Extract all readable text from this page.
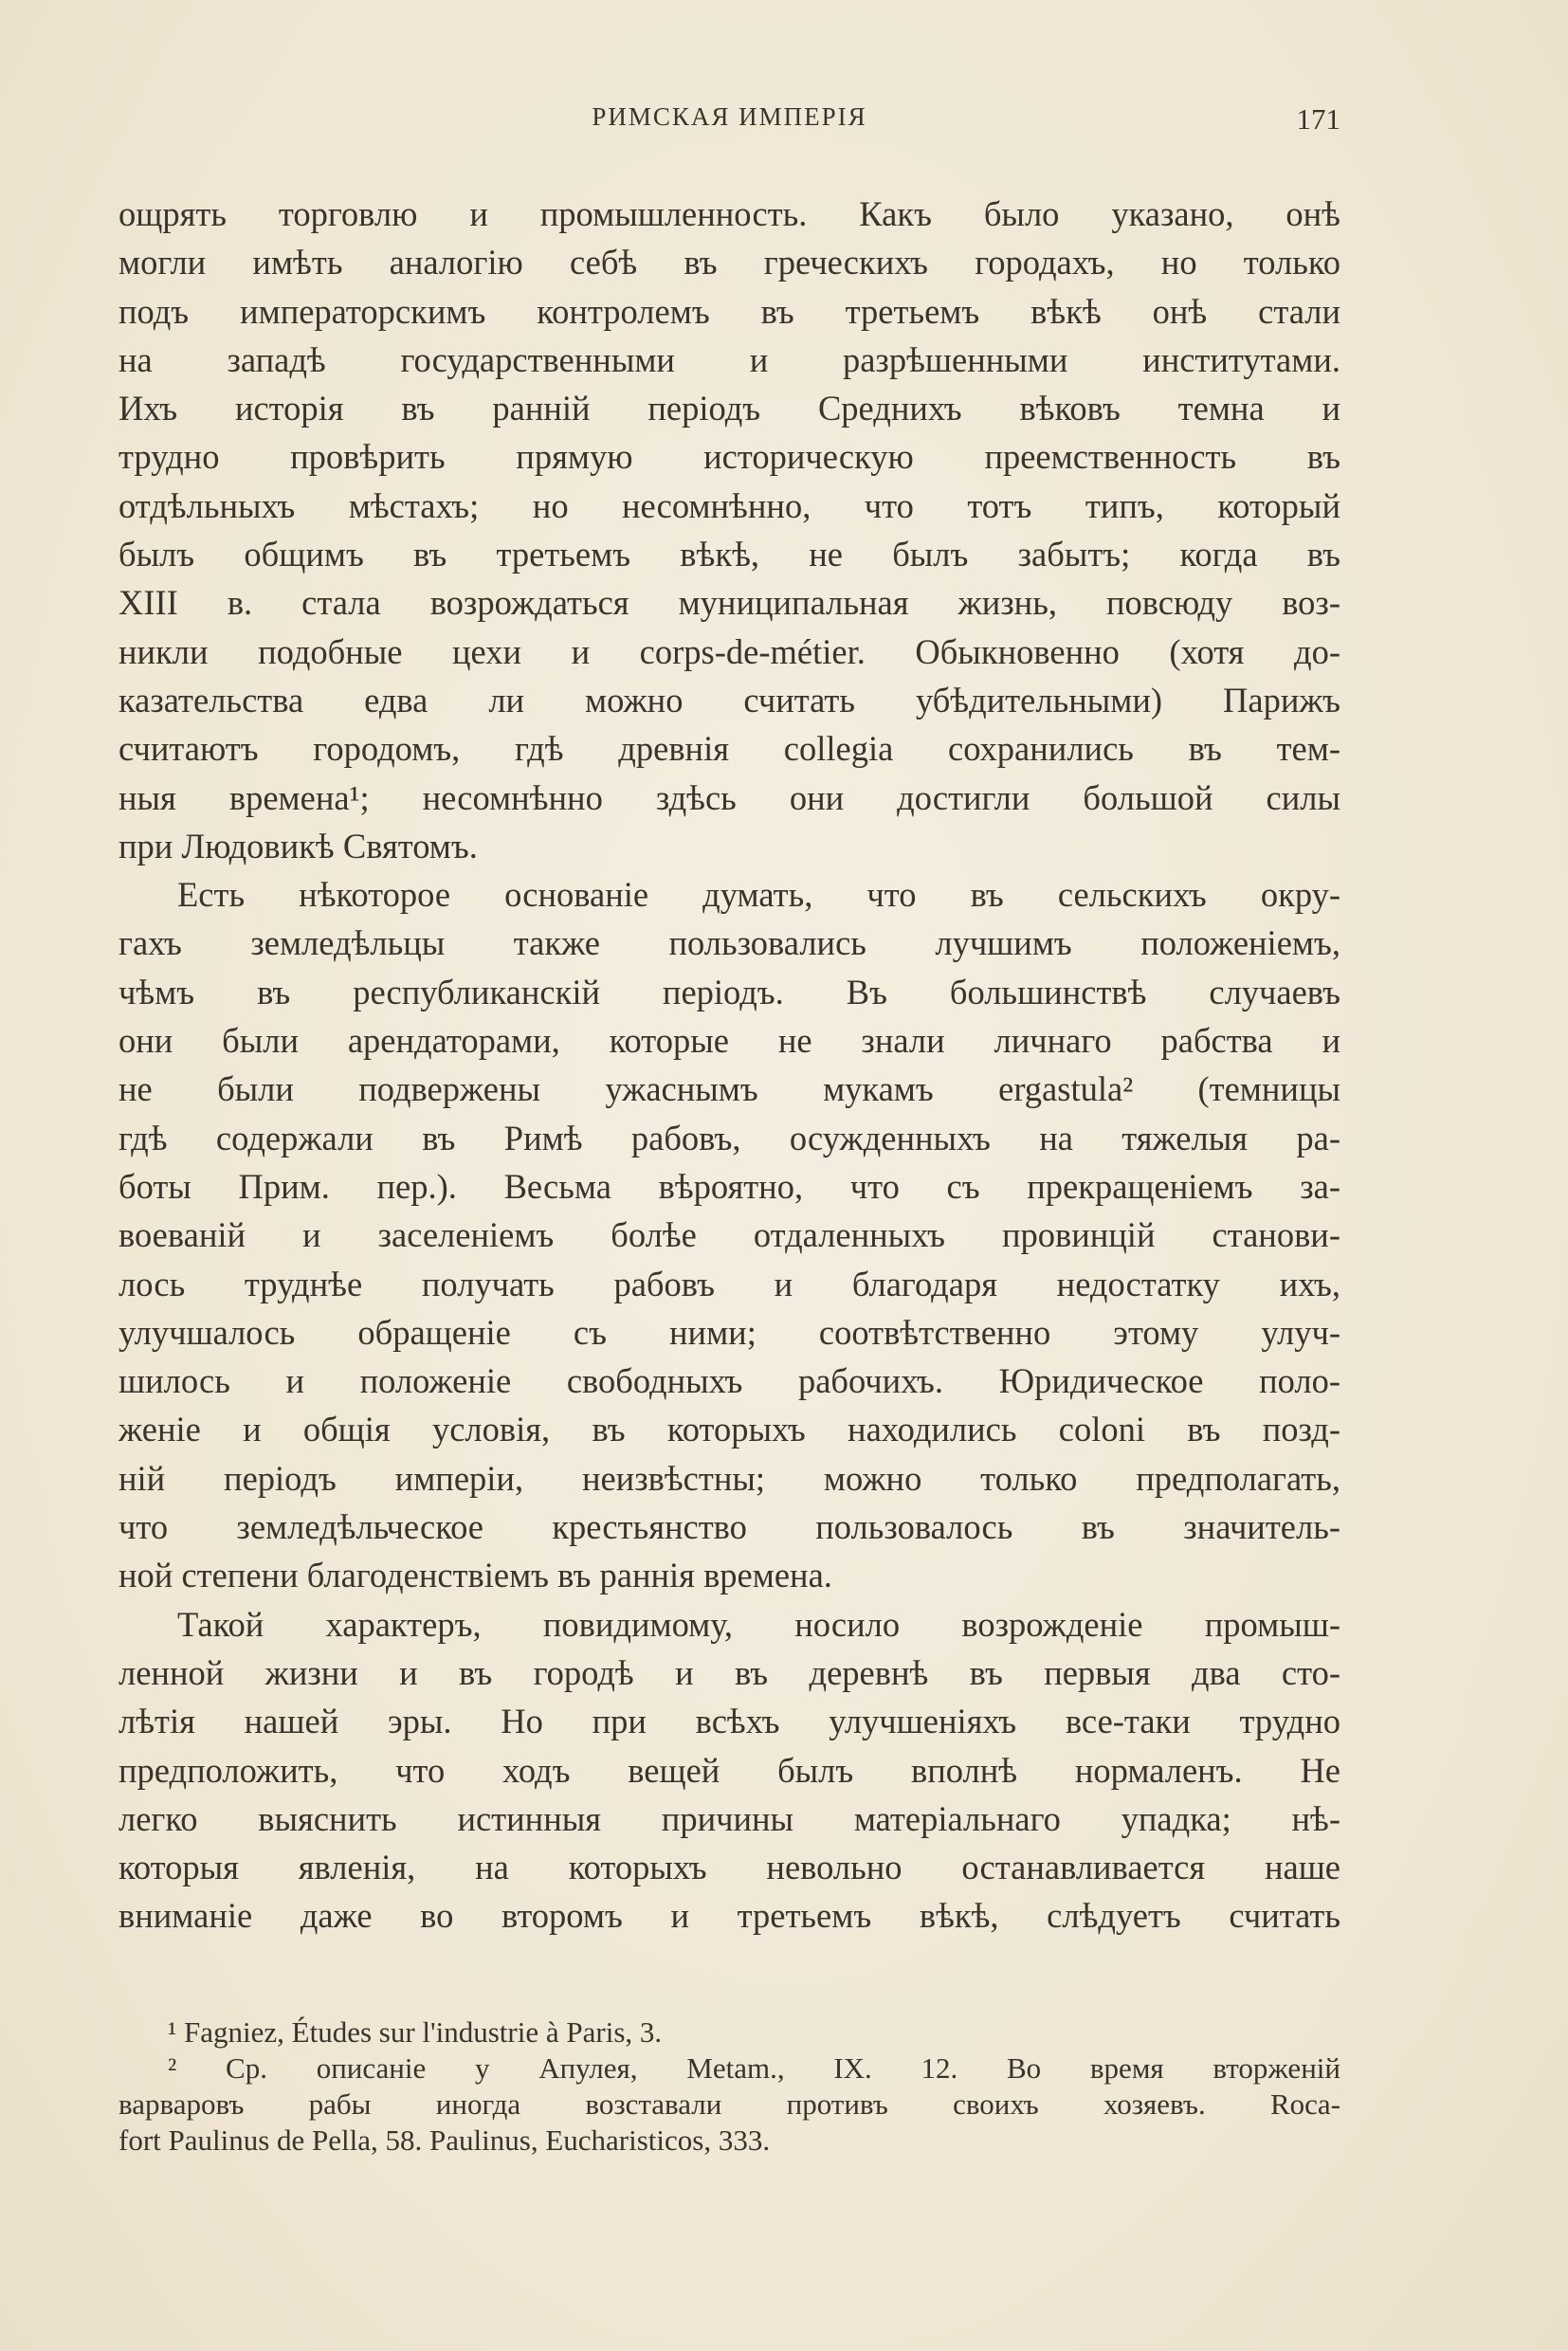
РИМСКАЯ ИМПЕРІЯ	171
ощрять торговлю и промышленность. Какъ было указано, онѣ
могли имѣть аналогію себѣ въ греческихъ городахъ, но только
подъ императорскимъ контролемъ въ третьемъ вѣкѣ онѣ стали
на западѣ государственными и разрѣшенными институтами.
Ихъ исторія въ ранній періодъ Среднихъ вѣковъ темна и
трудно провѣрить прямую историческую преемственность въ
отдѣльныхъ мѣстахъ; но несомнѣнно, что тотъ типъ, который
былъ общимъ въ третьемъ вѣкѣ, не былъ забытъ; когда въ
XIII в. стала возрождаться муниципальная жизнь, повсюду воз-
никли подобные цехи и corps-de-métier. Обыкновенно (хотя до-
казательства едва ли можно считать убѣдительными) Парижъ
считаютъ городомъ, гдѣ древнія collegia сохранились въ тем-
ныя времена¹; несомнѣнно здѣсь они достигли большой силы
при Людовикѣ Святомъ.
Есть нѣкоторое основаніе думать, что въ сельскихъ окру-
гахъ земледѣльцы также пользовались лучшимъ положеніемъ,
чѣмъ въ республиканскій періодъ. Въ большинствѣ случаевъ
они были арендаторами, которые не знали личнаго рабства и
не были подвержены ужаснымъ мукамъ ergastula² (темницы
гдѣ содержали въ Римѣ рабовъ, осужденныхъ на тяжелыя ра-
боты Прим. пер.). Весьма вѣроятно, что съ прекращеніемъ за-
воеваній и заселеніемъ болѣе отдаленныхъ провинцій станови-
лось труднѣе получать рабовъ и благодаря недостатку ихъ,
улучшалось обращеніе съ ними; соотвѣтственно этому улуч-
шилось и положеніе свободныхъ рабочихъ. Юридическое поло-
женіе и общія условія, въ которыхъ находились coloni въ позд-
ній періодъ имперіи, неизвѣстны; можно только предполагать,
что земледѣльческое крестьянство пользовалось въ значитель-
ной степени благоденствіемъ въ раннія времена.
Такой характеръ, повидимому, носило возрожденіе промыш-
ленной жизни и въ городѣ и въ деревнѣ въ первыя два сто-
лѣтія нашей эры. Но при всѣхъ улучшеніяхъ все-таки трудно
предположить, что ходъ вещей былъ вполнѣ нормаленъ. Не
легко выяснить истинныя причины матеріальнаго упадка; нѣ-
которыя явленія, на которыхъ невольно останавливается наше
вниманіе даже во второмъ и третьемъ вѣкѣ, слѣдуетъ считать
¹ Fagniez, Études sur l'industrie à Paris, 3.
² Ср. описаніе у Апулея, Metam., IX. 12. Во время вторженій
варваровъ рабы иногда возставали противъ своихъ хозяевъ. Roca-
fort Paulinus de Pella, 58. Paulinus, Eucharisticos, 333.
